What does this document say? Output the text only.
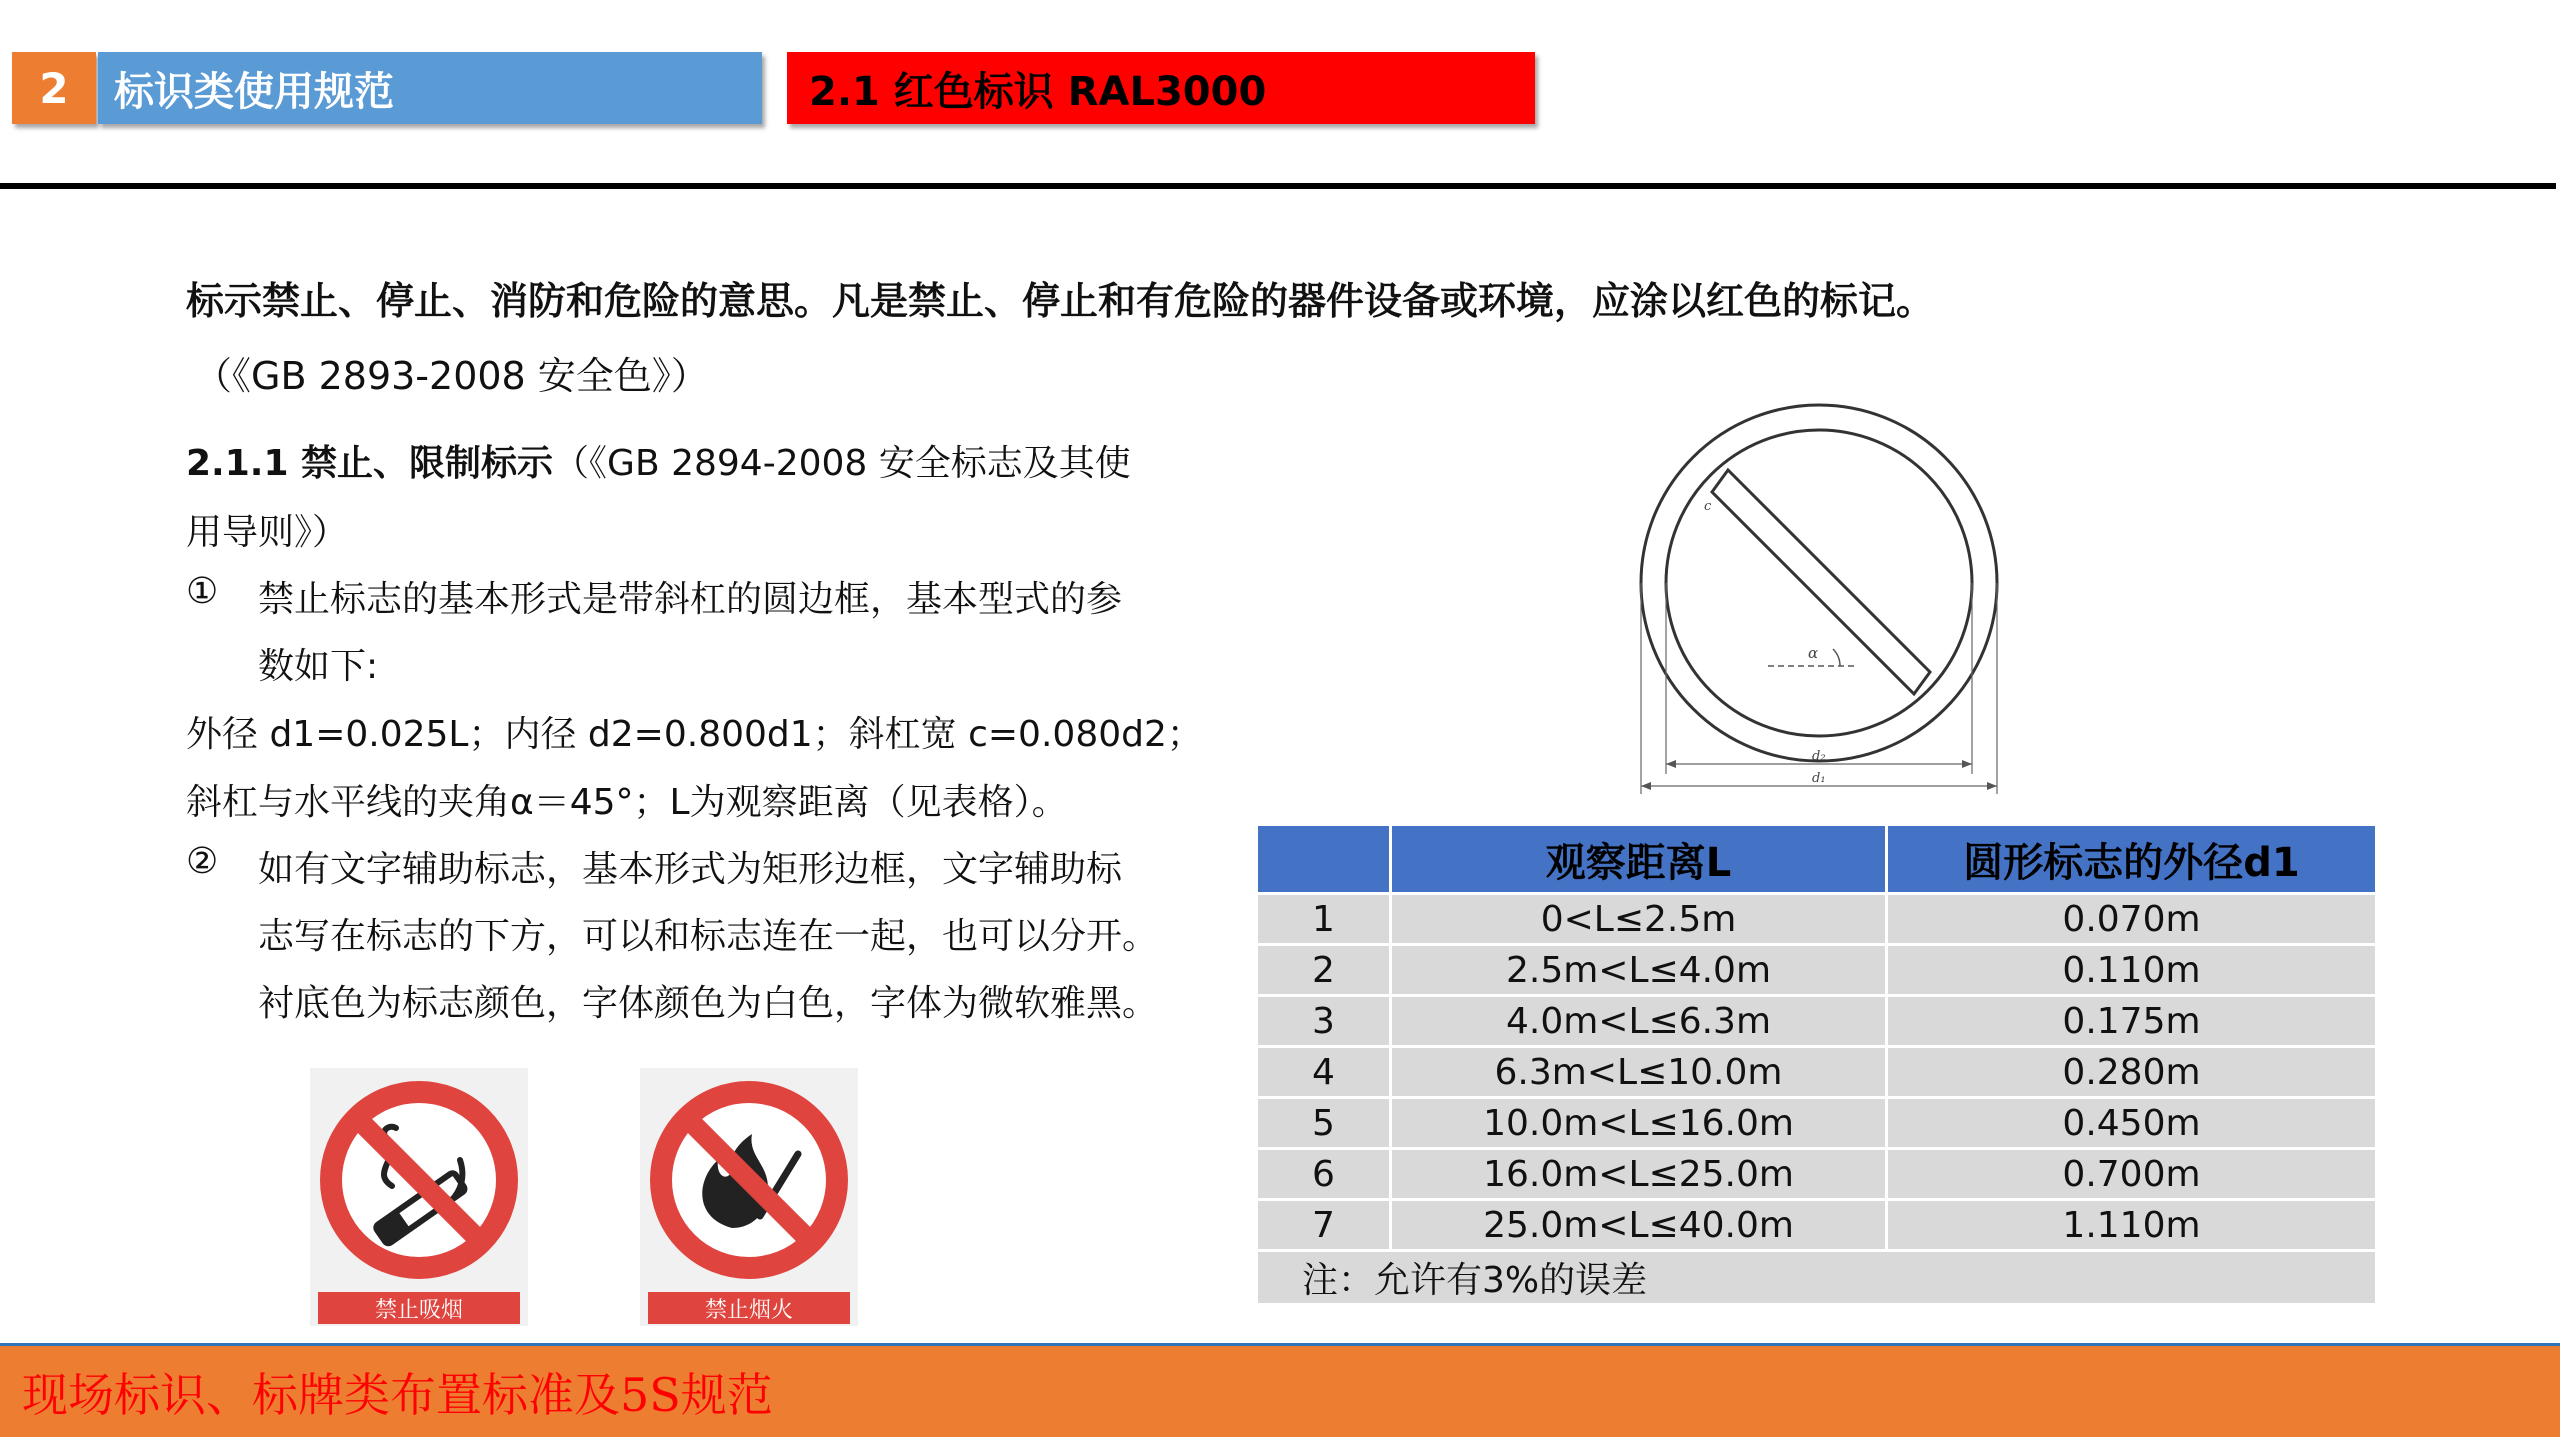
2	标识类使用规范	2.1 红色标识 RAL3000
标示禁止、停止、消防和危险的意思。凡是禁止、停止和有危险的器件设备或环境，应涂以红色的标记。
（《GB 2893-2008 安全色》）
2.1.1 禁止、限制标示（《GB 2894-2008 安全标志及其使
用导则》）
① 禁止标志的基本形式是带斜杠的圆边框，基本型式的参
数如下:
外径 d1=0.025L；内径 d2=0.800d1；斜杠宽 c=0.080d2；
斜杠与水平线的夹角α＝45°；L为观察距离（见表格）。
② 如有文字辅助标志，基本形式为矩形边框，文字辅助标
志写在标志的下方，可以和标志连在一起，也可以分开。
衬底色为标志颜色，字体颜色为白色，字体为微软雅黑。
c
α
d₂
d₁
	观察距离L	圆形标志的外径d1
1	0<L≤2.5m	0.070m
2	2.5m<L≤4.0m	0.110m
3	4.0m<L≤6.3m	0.175m
4	6.3m<L≤10.0m	0.280m
5	10.0m<L≤16.0m	0.450m
6	16.0m<L≤25.0m	0.700m
7	25.0m<L≤40.0m	1.110m
注：允许有3%的误差		
禁止吸烟	禁止烟火
现场标识、标牌类布置标准及5S规范
